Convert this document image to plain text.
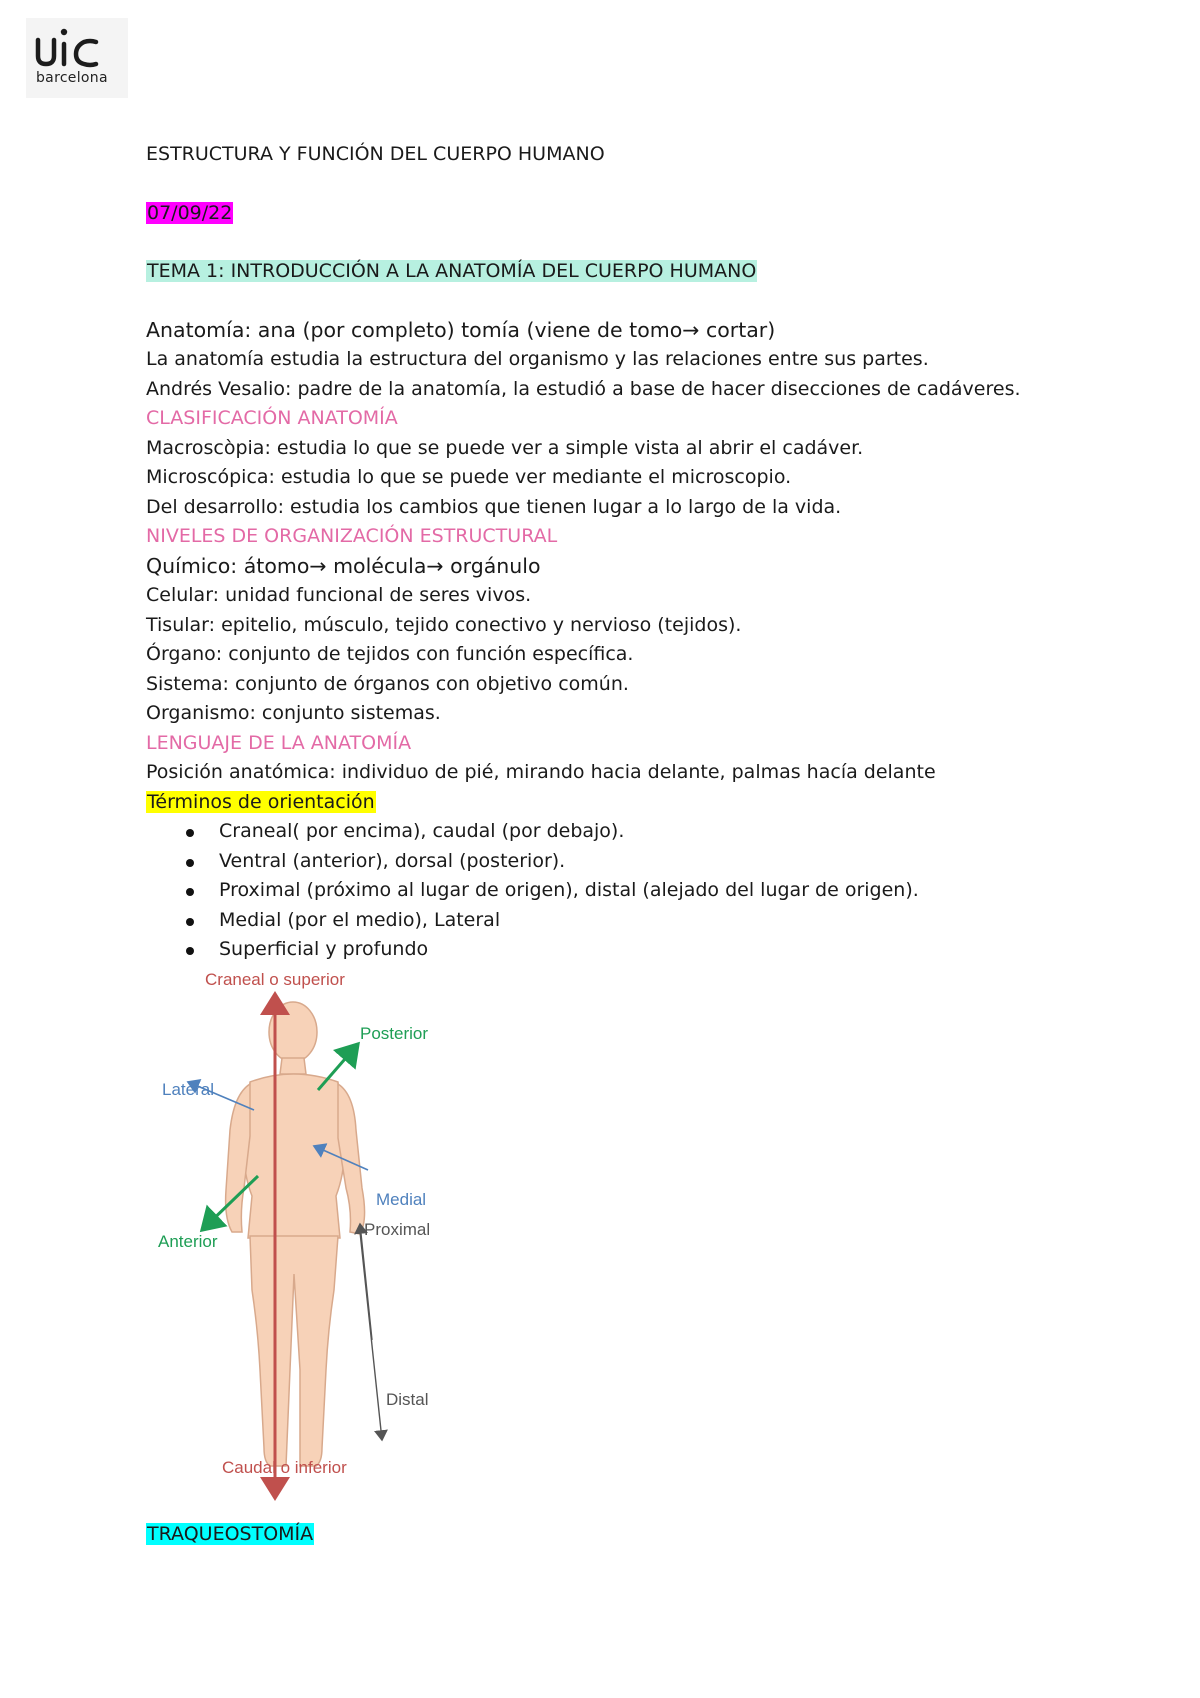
barcelona

ESTRUCTURA Y FUNCIÓN DEL CUERPO HUMANO

07/09/22

TEMA 1: INTRODUCCIÓN A LA ANATOMÍA DEL CUERPO HUMANO

Anatomía: ana (por completo) tomía (viene de tomo→ cortar)

La anatomía estudia la estructura del organismo y las relaciones entre sus partes.

Andrés Vesalio: padre de la anatomía, la estudió a base de hacer disecciones de cadáveres.

CLASIFICACIÓN ANATOMÍA

Macroscòpia: estudia lo que se puede ver a simple vista al abrir el cadáver.

Microscópica: estudia lo que se puede ver mediante el microscopio.

Del desarrollo: estudia los cambios que tienen lugar a lo largo de la vida.

NIVELES DE ORGANIZACIÓN ESTRUCTURAL

Químico: átomo→ molécula→ orgánulo

Celular: unidad funcional de seres vivos.

Tisular: epitelio, músculo, tejido conectivo y nervioso (tejidos).

Órgano: conjunto de tejidos con función específica.

Sistema: conjunto de órganos con objetivo común.

Organismo: conjunto sistemas.

LENGUAJE DE LA ANATOMÍA

Posición anatómica: individuo de pié, mirando hacia delante, palmas hacía delante

Términos de orientación

Craneal( por encima), caudal (por debajo).
Ventral (anterior), dorsal (posterior).
Proximal (próximo al lugar de origen), distal (alejado del lugar de origen).
Medial (por el medio), Lateral
Superficial y profundo
Craneal o superior
Posterior
Lateral
Medial
Anterior
Proximal
Distal
Caudal o inferior
TRAQUEOSTOMÍA
